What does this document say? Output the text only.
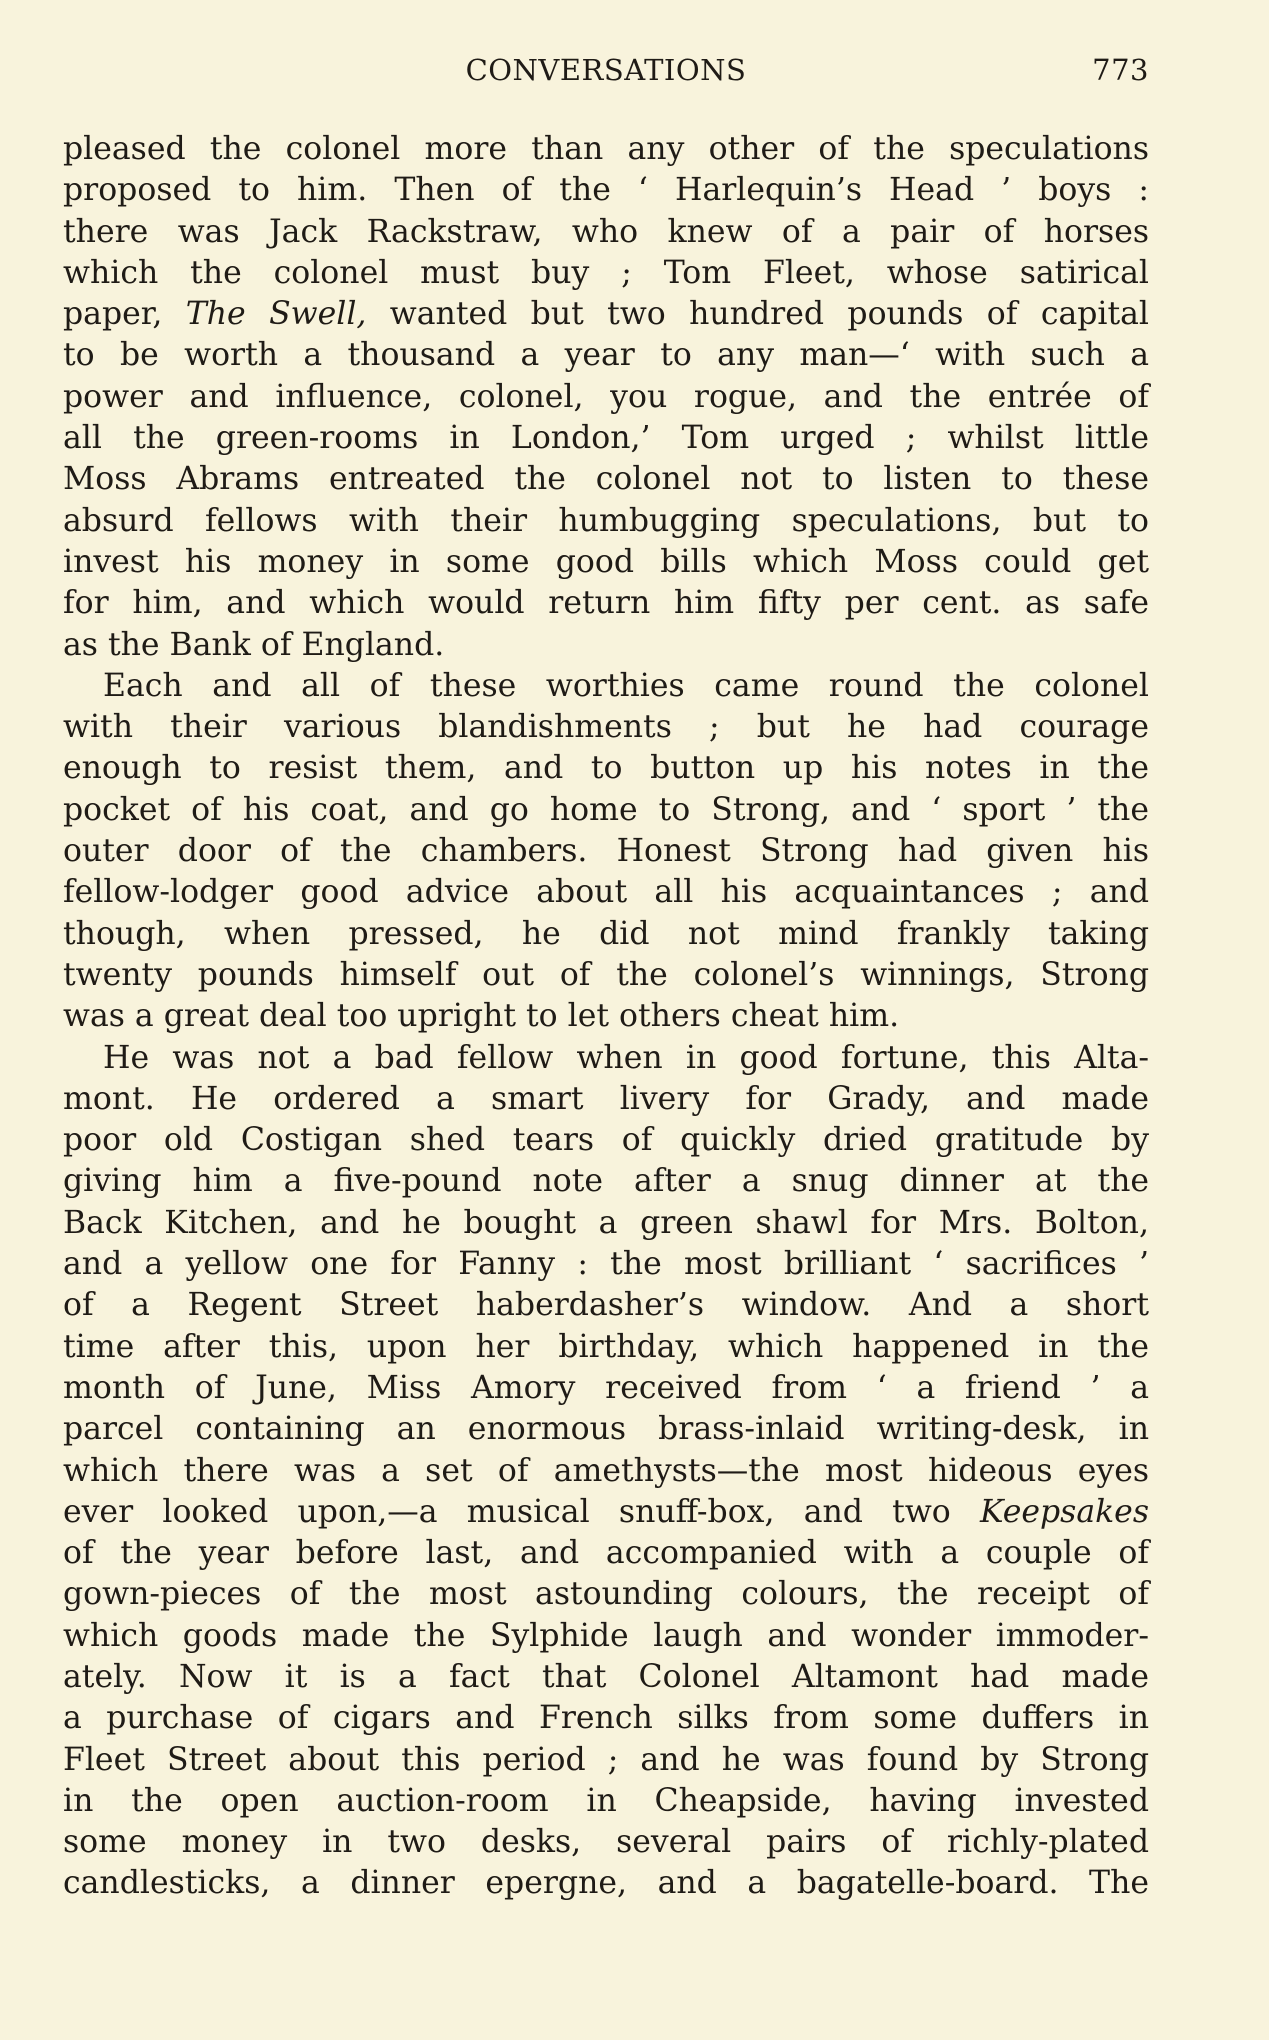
CONVERSATIONS	773
pleased the colonel more than any other of the speculations
proposed to him. Then of the ‘ Harlequin’s Head ’ boys :
there was Jack Rackstraw, who knew of a pair of horses
which the colonel must buy ; Tom Fleet, whose satirical
paper, The Swell, wanted but two hundred pounds of capital
to be worth a thousand a year to any man—‘ with such a
power and influence, colonel, you rogue, and the entrée of
all the green-rooms in London,’ Tom urged ; whilst little
Moss Abrams entreated the colonel not to listen to these
absurd fellows with their humbugging speculations, but to
invest his money in some good bills which Moss could get
for him, and which would return him fifty per cent. as safe
as the Bank of England.
Each and all of these worthies came round the colonel
with their various blandishments ; but he had courage
enough to resist them, and to button up his notes in the
pocket of his coat, and go home to Strong, and ‘ sport ’ the
outer door of the chambers. Honest Strong had given his
fellow-lodger good advice about all his acquaintances ; and
though, when pressed, he did not mind frankly taking
twenty pounds himself out of the colonel’s winnings, Strong
was a great deal too upright to let others cheat him.
He was not a bad fellow when in good fortune, this Alta-
mont. He ordered a smart livery for Grady, and made
poor old Costigan shed tears of quickly dried gratitude by
giving him a five-pound note after a snug dinner at the
Back Kitchen, and he bought a green shawl for Mrs. Bolton,
and a yellow one for Fanny : the most brilliant ‘ sacrifices ’
of a Regent Street haberdasher’s window. And a short
time after this, upon her birthday, which happened in the
month of June, Miss Amory received from ‘ a friend ’ a
parcel containing an enormous brass-inlaid writing-desk, in
which there was a set of amethysts—the most hideous eyes
ever looked upon,—a musical snuff-box, and two Keepsakes
of the year before last, and accompanied with a couple of
gown-pieces of the most astounding colours, the receipt of
which goods made the Sylphide laugh and wonder immoder-
ately. Now it is a fact that Colonel Altamont had made
a purchase of cigars and French silks from some duffers in
Fleet Street about this period ; and he was found by Strong
in the open auction-room in Cheapside, having invested
some money in two desks, several pairs of richly-plated
candlesticks, a dinner epergne, and a bagatelle-board. The
